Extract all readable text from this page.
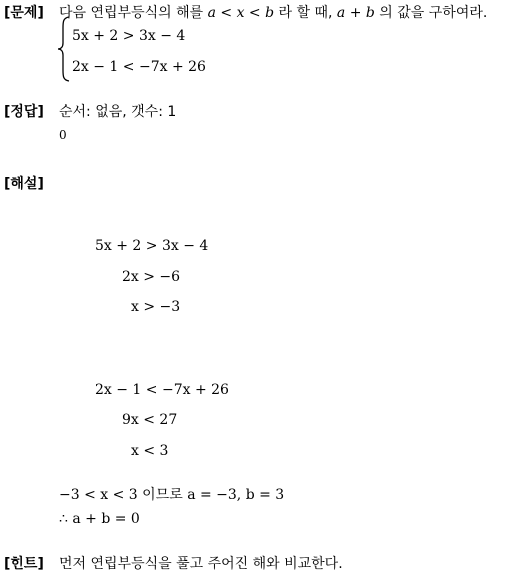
[문제] 다음 연립부등식의 해를 a < x < b 라 할 때, a + b 의 값을 구하여라.
5x + 2 > 3x − 4
2x − 1 < −7x + 26
[정답] 순서: 없음, 갯수: 1
0
[해설]
5x + 2 > 3x − 4
2x > −6
x > −3
2x − 1 < −7x + 26
9x < 27
x < 3
−3 < x < 3 이므로 a = −3, b = 3
∴ a + b = 0
[힌트] 먼저 연립부등식을 풀고 주어진 해와 비교한다.
